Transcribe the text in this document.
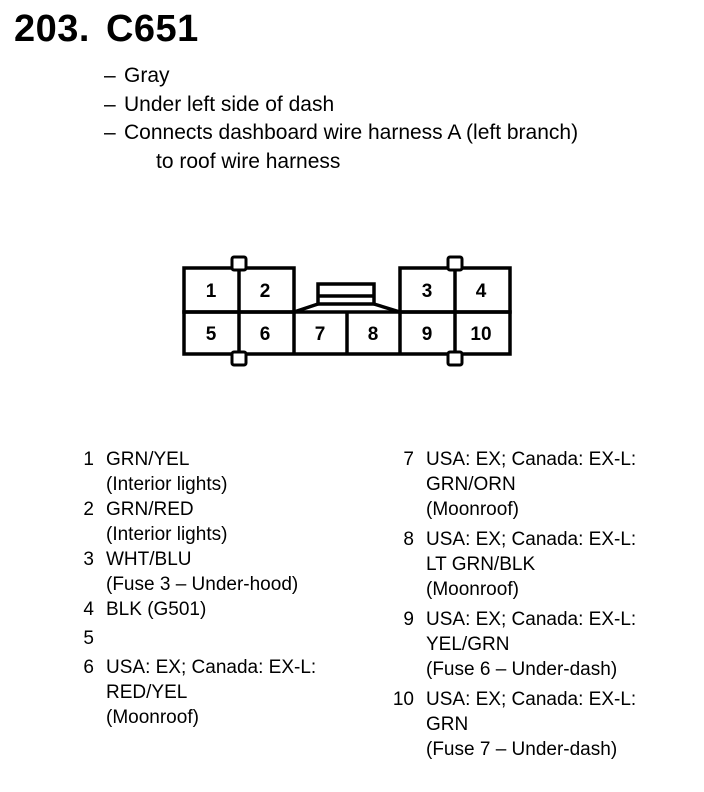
203. C651
– Gray
– Under left side of dash
– Connects dashboard wire harness A (left branch)
to roof wire harness
1 2	3 4
5 6 7 8 9 10
1 GRN/YEL
(Interior lights)
2 GRN/RED
(Interior lights)
3 WHT/BLU
(Fuse 3 – Under-hood)
4 BLK (G501)
5

6 USA: EX; Canada: EX-L:
RED/YEL
(Moonroof)
7 USA: EX; Canada: EX-L:
GRN/ORN
(Moonroof)
8 USA: EX; Canada: EX-L:
LT GRN/BLK
(Moonroof)
9 USA: EX; Canada: EX-L:
YEL/GRN
(Fuse 6 – Under-dash)
10 USA: EX; Canada: EX-L:
GRN
(Fuse 7 – Under-dash)
